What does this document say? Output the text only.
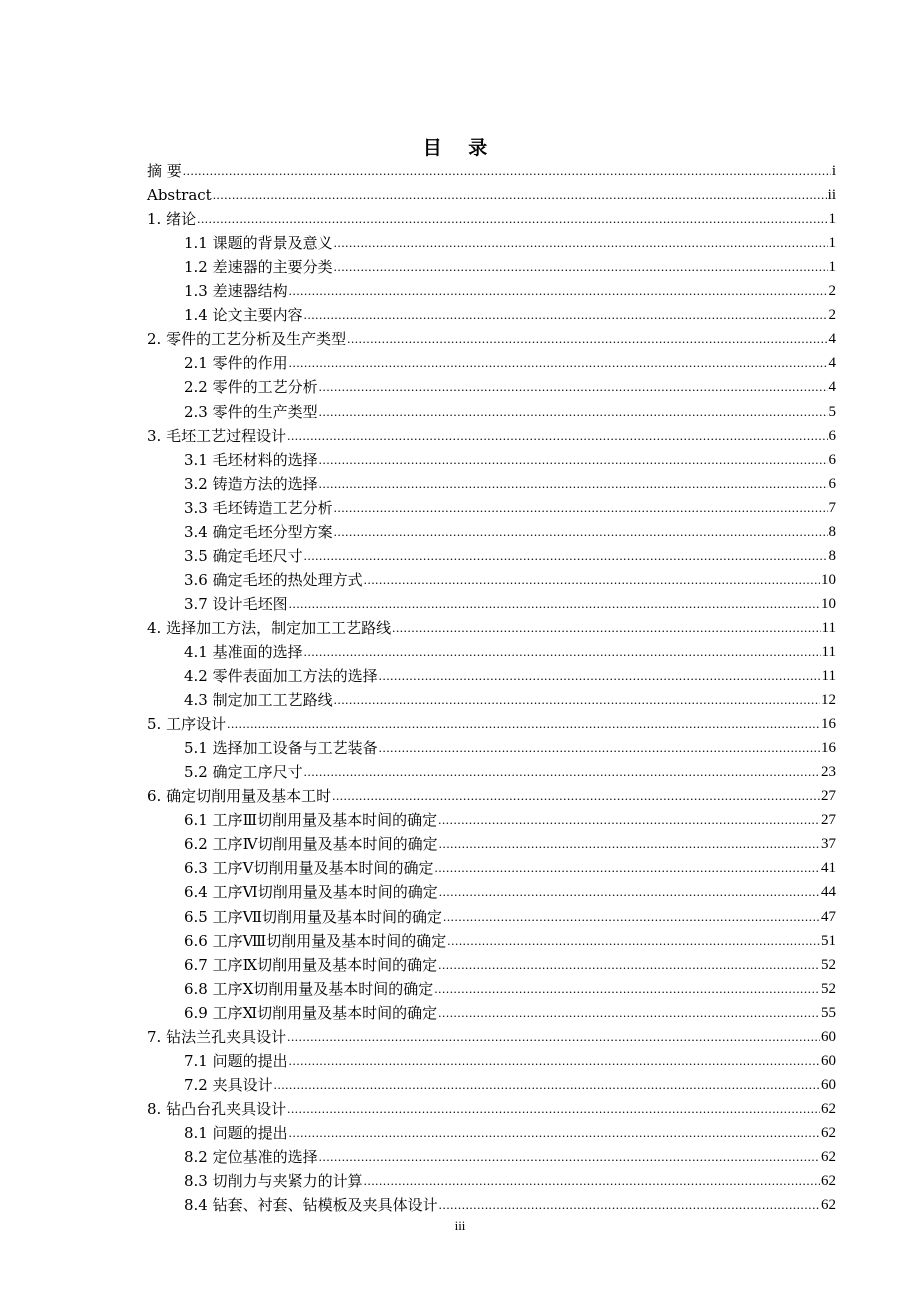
目 录
摘 要 .....	i
Abstract .....	ii
1. 绪论 .....	1
1.1 课题的背景及意义 .....	1
1.2 差速器的主要分类 .....	1
1.3 差速器结构 .....	2
1.4 论文主要内容 .....	2
2. 零件的工艺分析及生产类型 .....	4
2.1 零件的作用 .....	4
2.2 零件的工艺分析 .....	4
2.3 零件的生产类型 .....	5
3. 毛坯工艺过程设计 .....	6
3.1 毛坯材料的选择 .....	6
3.2 铸造方法的选择 .....	6
3.3 毛坯铸造工艺分析 .....	7
3.4 确定毛坯分型方案 .....	8
3.5 确定毛坯尺寸 .....	8
3.6 确定毛坯的热处理方式 .....	10
3.7 设计毛坯图 .....	10
4. 选择加工方法，制定加工工艺路线 .....	11
4.1 基准面的选择 .....	11
4.2 零件表面加工方法的选择 .....	11
4.3 制定加工工艺路线 .....	12
5. 工序设计 .....	16
5.1 选择加工设备与工艺装备 .....	16
5.2 确定工序尺寸 .....	23
6. 确定切削用量及基本工时 .....	27
6.1 工序Ⅲ切削用量及基本时间的确定 .....	27
6.2 工序Ⅳ切削用量及基本时间的确定 .....	37
6.3 工序Ⅴ切削用量及基本时间的确定 .....	41
6.4 工序Ⅵ切削用量及基本时间的确定 .....	44
6.5 工序Ⅶ切削用量及基本时间的确定 .....	47
6.6 工序Ⅷ切削用量及基本时间的确定 .....	51
6.7 工序Ⅸ切削用量及基本时间的确定 .....	52
6.8 工序Ⅹ切削用量及基本时间的确定 .....	52
6.9 工序Ⅺ切削用量及基本时间的确定 .....	55
7. 钻法兰孔夹具设计 .....	60
7.1 问题的提出 .....	60
7.2 夹具设计 .....	60
8. 钻凸台孔夹具设计 .....	62
8.1 问题的提出 .....	62
8.2 定位基准的选择 .....	62
8.3 切削力与夹紧力的计算 .....	62
8.4 钻套、衬套、钻模板及夹具体设计 .....	62
iii
